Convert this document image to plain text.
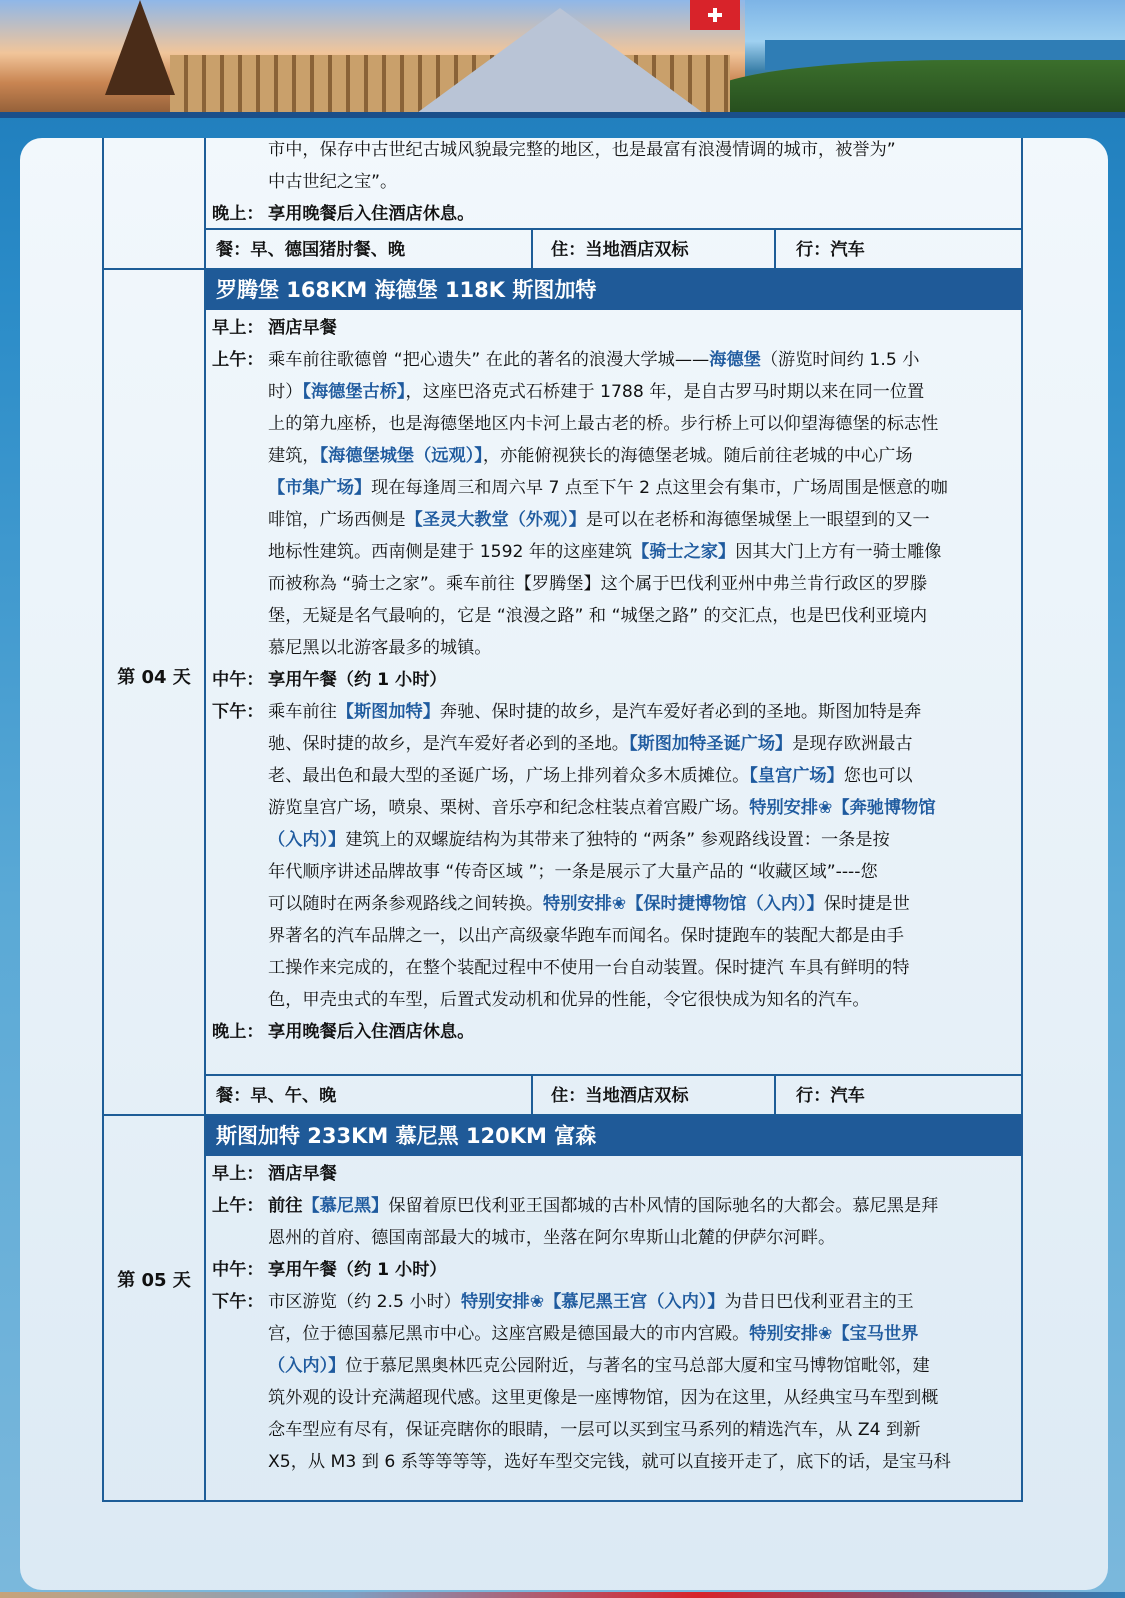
市中，保存中古世纪古城风貌最完整的地区，也是最富有浪漫情调的城市，被誉为”
中古世纪之宝”。
晚上： 享用晚餐后入住酒店休息。
餐：早、德国猪肘餐、晚	住：当地酒店双标	行：汽车
罗腾堡 168KM 海德堡 118K 斯图加特
第 04 天
早上： 酒店早餐
上午： 乘车前往歌德曾 “把心遗失” 在此的著名的浪漫大学城——海德堡（游览时间约 1.5 小
时）【海德堡古桥】，这座巴洛克式石桥建于 1788 年，是自古罗马时期以来在同一位置
上的第九座桥，也是海德堡地区内卡河上最古老的桥。步行桥上可以仰望海德堡的标志性
建筑，【海德堡城堡（远观）】，亦能俯视狭长的海德堡老城。随后前往老城的中心广场
【市集广场】现在每逢周三和周六早 7 点至下午 2 点这里会有集市，广场周围是惬意的咖
啡馆，广场西侧是【圣灵大教堂（外观）】是可以在老桥和海德堡城堡上一眼望到的又一
地标性建筑。西南侧是建于 1592 年的这座建筑【骑士之家】因其大门上方有一骑士雕像
而被称為 “骑士之家”。乘车前往【罗腾堡】这个属于巴伐利亚州中弗兰肯行政区的罗滕
堡，无疑是名气最响的，它是 “浪漫之路” 和 “城堡之路” 的交汇点，也是巴伐利亚境内
慕尼黑以北游客最多的城镇。
中午： 享用午餐（约 1 小时）
下午： 乘车前往【斯图加特】奔驰、保时捷的故乡，是汽车爱好者必到的圣地。斯图加特是奔
驰、保时捷的故乡，是汽车爱好者必到的圣地。【斯图加特圣诞广场】是现存欧洲最古
老、最出色和最大型的圣诞广场，广场上排列着众多木质摊位。【皇宫广场】您也可以
游览皇宫广场，喷泉、栗树、音乐亭和纪念柱装点着宫殿广场。特别安排❀【奔驰博物馆
（入内）】建筑上的双螺旋结构为其带来了独特的 “两条” 参观路线设置：一条是按
年代顺序讲述品牌故事 “传奇区域 ”；一条是展示了大量产品的 “收藏区域”----您
可以随时在两条参观路线之间转换。特别安排❀【保时捷博物馆（入内）】保时捷是世
界著名的汽车品牌之一，以出产高级豪华跑车而闻名。保时捷跑车的装配大都是由手
工操作来完成的，在整个装配过程中不使用一台自动装置。保时捷汽 车具有鲜明的特
色，甲壳虫式的车型，后置式发动机和优异的性能，令它很快成为知名的汽车。
晚上： 享用晚餐后入住酒店休息。
餐：早、午、晚	住：当地酒店双标	行：汽车
斯图加特 233KM 慕尼黑 120KM 富森
第 05 天
早上： 酒店早餐
上午： 前往【慕尼黑】保留着原巴伐利亚王国都城的古朴风情的国际驰名的大都会。慕尼黑是拜
恩州的首府、德国南部最大的城市，坐落在阿尔卑斯山北麓的伊萨尔河畔。
中午： 享用午餐（约 1 小时）
下午： 市区游览（约 2.5 小时）特别安排❀【慕尼黑王宫（入内）】为昔日巴伐利亚君主的王
宫，位于德国慕尼黑市中心。这座宫殿是德国最大的市内宫殿。特别安排❀【宝马世界
（入内）】位于慕尼黑奥林匹克公园附近，与著名的宝马总部大厦和宝马博物馆毗邻，建
筑外观的设计充满超现代感。这里更像是一座博物馆，因为在这里，从经典宝马车型到概
念车型应有尽有，保证亮瞎你的眼睛，一层可以买到宝马系列的精选汽车，从 Z4 到新
X5，从 M3 到 6 系等等等等，选好车型交完钱，就可以直接开走了，底下的话，是宝马科
